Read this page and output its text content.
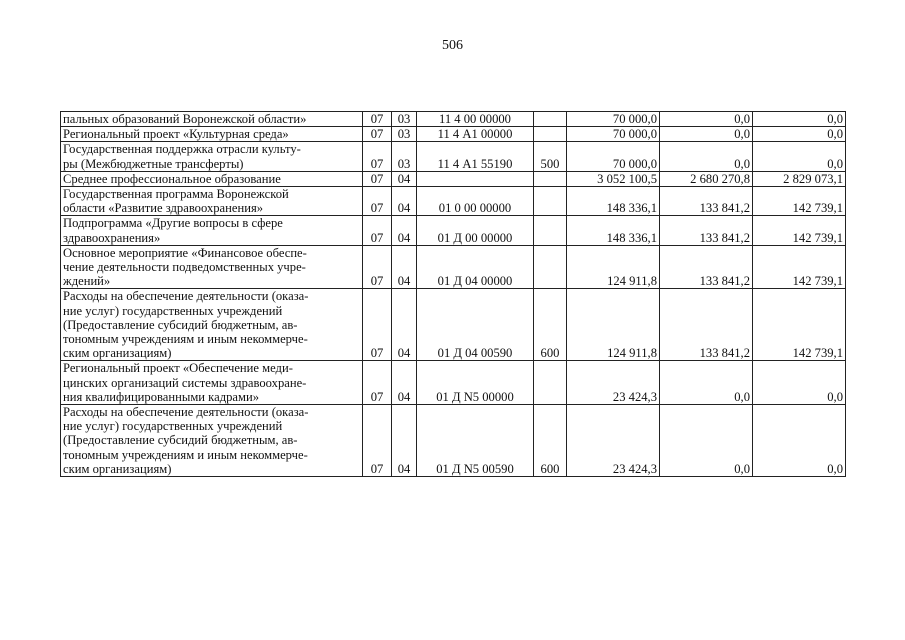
506
пальных образований Воронежской области»	07	03	11 4 00 00000		70 000,0	0,0	0,0

Региональный проект «Культурная среда»	07	03	11 4 А1 00000		70 000,0	0,0	0,0

Государственная поддержка отрасли культу-
ры (Межбюджетные трансферты)	07	03	11 4 А1 55190	500	70 000,0	0,0	0,0

Среднее профессиональное образование	07	04			3 052 100,5	2 680 270,8	2 829 073,1

Государственная программа Воронежской
области «Развитие здравоохранения»	07	04	01 0 00 00000		148 336,1	133 841,2	142 739,1

Подпрограмма «Другие вопросы в сфере
здравоохранения»	07	04	01 Д 00 00000		148 336,1	133 841,2	142 739,1

Основное мероприятие «Финансовое обеспе-
чение деятельности подведомственных учре-
ждений»	07	04	01 Д 04 00000		124 911,8	133 841,2	142 739,1

Расходы на обеспечение деятельности (оказа-
ние услуг) государственных учреждений
(Предоставление субсидий бюджетным, ав-
тономным учреждениям и иным некоммерче-
ским организациям)	07	04	01 Д 04 00590	600	124 911,8	133 841,2	142 739,1

Региональный проект «Обеспечение меди-
цинских организаций системы здравоохране-
ния квалифицированными кадрами»	07	04	01 Д N5 00000		23 424,3	0,0	0,0

Расходы на обеспечение деятельности (оказа-
ние услуг) государственных учреждений
(Предоставление субсидий бюджетным, ав-
тономным учреждениям и иным некоммерче-
ским организациям)	07	04	01 Д N5 00590	600	23 424,3	0,0	0,0
